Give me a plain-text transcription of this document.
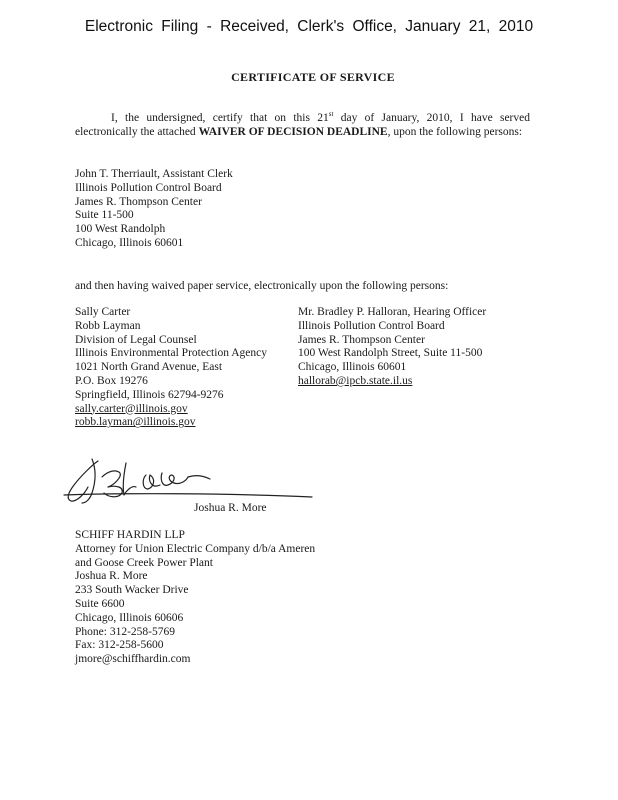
Electronic Filing - Received, Clerk's Office, January 21, 2010
CERTIFICATE OF SERVICE
I, the undersigned, certify that on this 21st day of January, 2010, I have served electronically the attached WAIVER OF DECISION DEADLINE, upon the following persons:
John T. Therriault, Assistant Clerk
Illinois Pollution Control Board
James R. Thompson Center
Suite 11-500
100 West Randolph
Chicago, Illinois 60601
and then having waived paper service, electronically upon the following persons:
Sally Carter
Robb Layman
Division of Legal Counsel
Illinois Environmental Protection Agency
1021 North Grand Avenue, East
P.O. Box 19276
Springfield, Illinois 62794-9276
sally.carter@illinois.gov
robb.layman@illinois.gov
Mr. Bradley P. Halloran, Hearing Officer
Illinois Pollution Control Board
James R. Thompson Center
100 West Randolph Street, Suite 11-500
Chicago, Illinois 60601
hallorab@ipcb.state.il.us
Joshua R. More
SCHIFF HARDIN LLP
Attorney for Union Electric Company d/b/a Ameren
and Goose Creek Power Plant
Joshua R. More
233 South Wacker Drive
Suite 6600
Chicago, Illinois 60606
Phone: 312-258-5769
Fax: 312-258-5600
jmore@schiffhardin.com
